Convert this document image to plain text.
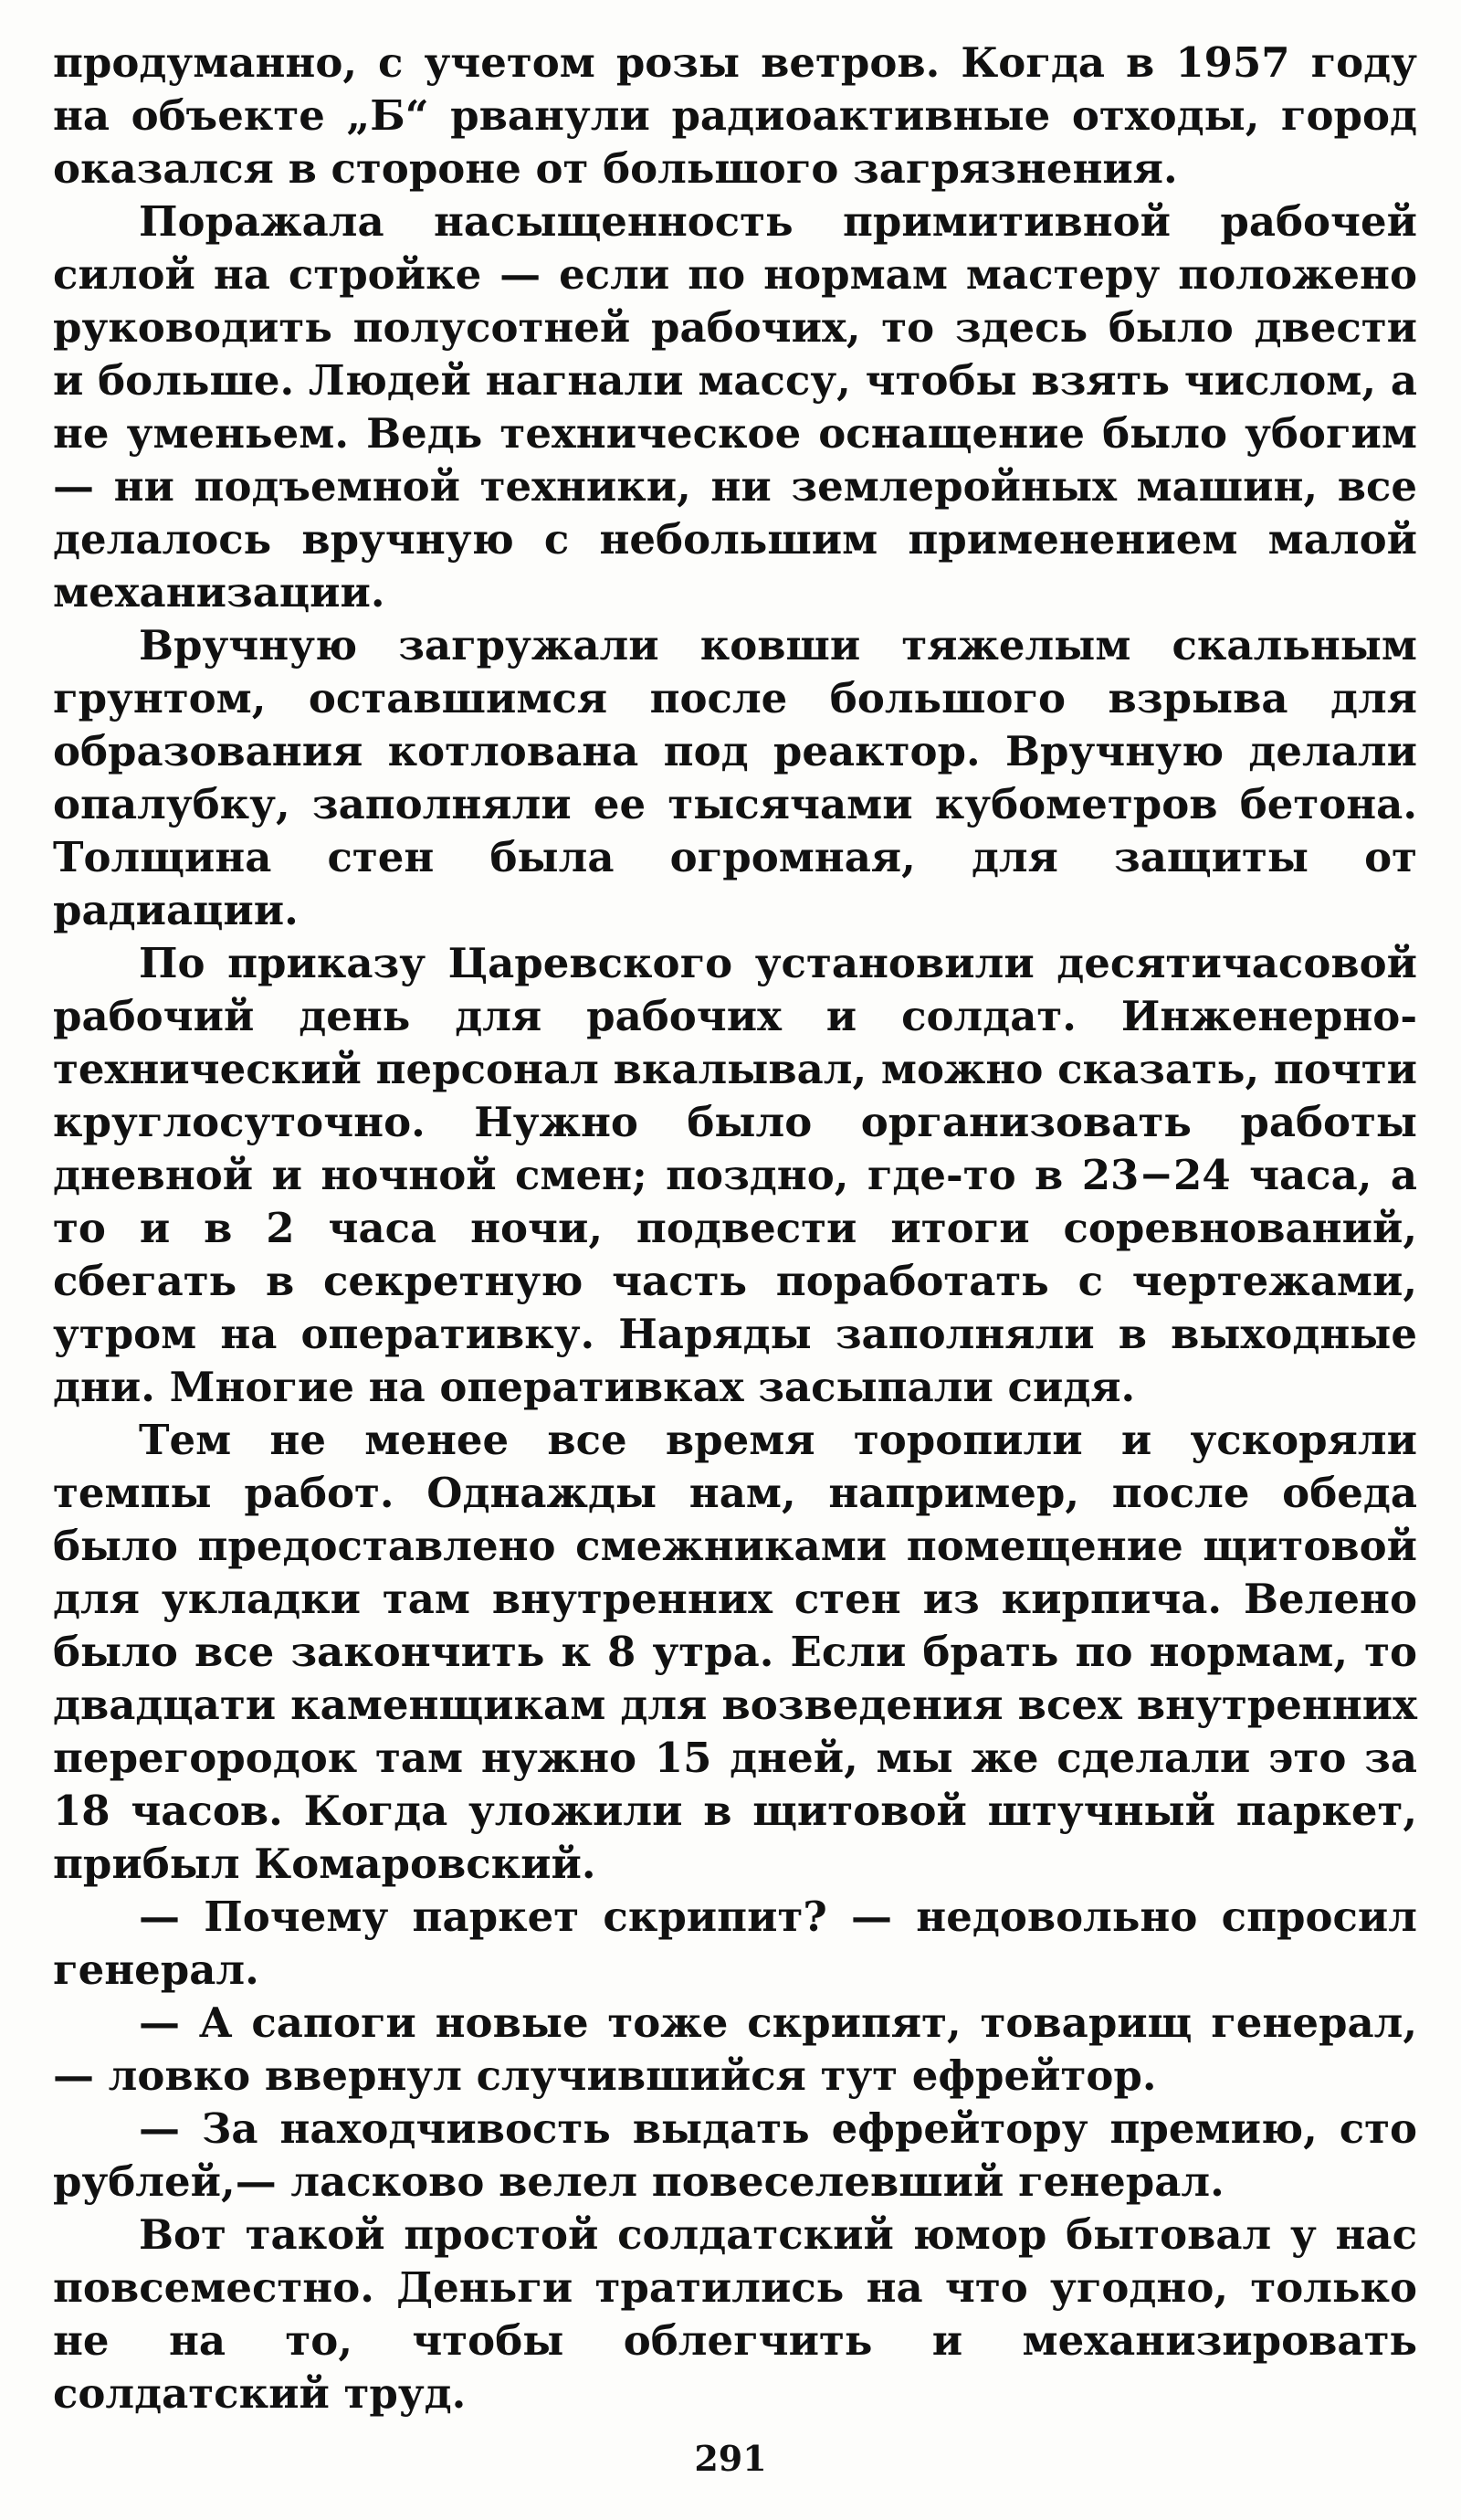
продуманно, с учетом розы ветров. Когда в 1957 году на объекте „Б“ рванули радиоактивные отходы, город оказался в стороне от большого загрязнения.

Поражала насыщенность примитивной рабочей силой на стройке — если по нормам мастеру положено руководить полусотней рабочих, то здесь было двести и больше. Людей нагнали массу, чтобы взять числом, а не уменьем. Ведь техническое оснащение было убогим — ни подъемной техники, ни землеройных машин, все делалось вручную с небольшим применением малой механизации.

Вручную загружали ковши тяжелым скальным грунтом, оставшимся после большого взрыва для образования котлована под реактор. Вручную делали опалубку, заполняли ее тысячами кубометров бетона. Толщина стен была огромная, для защиты от радиации.

По приказу Царевского установили десятичасовой рабочий день для рабочих и солдат. Инженерно-технический персонал вкалывал, можно сказать, почти круглосуточно. Нужно было организовать работы дневной и ночной смен; поздно, где-то в 23−24 часа, а то и в 2 часа ночи, подвести итоги соревнований, сбегать в секретную часть поработать с чертежами, утром на оперативку. Наряды заполняли в выходные дни. Многие на оперативках засыпали сидя.

Тем не менее все время торопили и ускоряли темпы работ. Однажды нам, например, после обеда было предоставлено смежниками помещение щитовой для укладки там внутренних стен из кирпича. Велено было все закончить к 8 утра. Если брать по нормам, то двадцати каменщикам для возведения всех внутренних перегородок там нужно 15 дней, мы же сделали это за 18 часов. Когда уложили в щитовой штучный паркет, прибыл Комаровский.

— Почему паркет скрипит? — недовольно спросил генерал.

— А сапоги новые тоже скрипят, товарищ генерал,— ловко ввернул случившийся тут ефрейтор.

— За находчивость выдать ефрейтору премию, сто рублей,— ласково велел повеселевший генерал.

Вот такой простой солдатский юмор бытовал у нас повсеместно. Деньги тратились на что угодно, только не на то, чтобы облегчить и механизировать солдатский труд.

291
